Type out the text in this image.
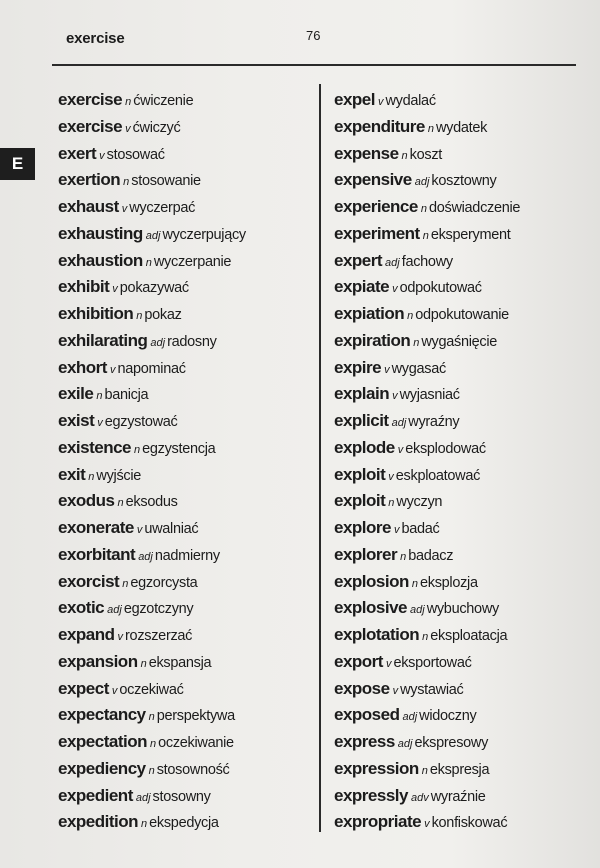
exercise	76
E
exercise n ćwiczenie
exercise v ćwiczyć
exert v stosować
exertion n stosowanie
exhaust v wyczerpać
exhausting adj wyczerpujący
exhaustion n wyczerpanie
exhibit v pokazywać
exhibition n pokaz
exhilarating adj radosny
exhort v napominać
exile n banicja
exist v egzystować
existence n egzystencja
exit n wyjście
exodus n eksodus
exonerate v uwalniać
exorbitant adj nadmierny
exorcist n egzorcysta
exotic adj egzotczyny
expand v rozszerzać
expansion n ekspansja
expect v oczekiwać
expectancy n perspektywa
expectation n oczekiwanie
expediency n stosowność
expedient adj stosowny
expedition n ekspedycja
expel v wydalać
expenditure n wydatek
expense n koszt
expensive adj kosztowny
experience n doświadczenie
experiment n eksperyment
expert adj fachowy
expiate v odpokutować
expiation n odpokutowanie
expiration n wygaśnięcie
expire v wygasać
explain v wyjasniać
explicit adj wyraźny
explode v eksplodować
exploit v eskploatować
exploit n wyczyn
explore v badać
explorer n badacz
explosion n eksplozja
explosive adj wybuchowy
explotation n eksploatacja
export v eksportować
expose v wystawiać
exposed adj widoczny
express adj ekspresowy
expression n ekspresja
expressly adv wyraźnie
expropriate v konfiskować
